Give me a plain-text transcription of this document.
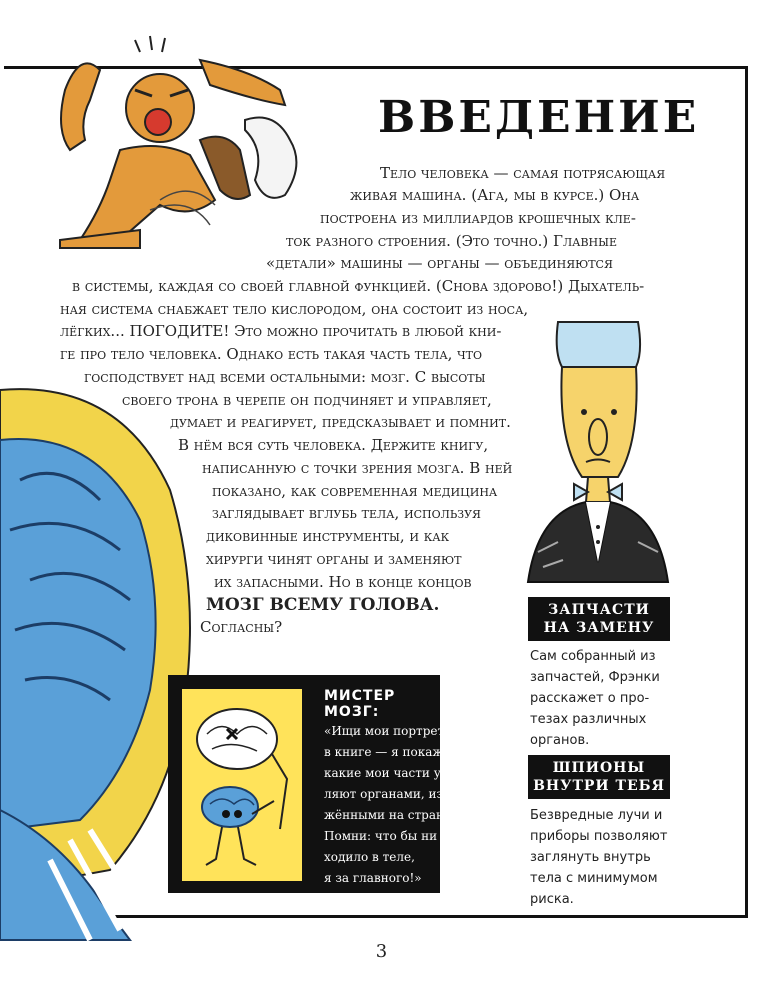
ВВЕДЕНИЕ
Тело человека — самая потрясающая
живая машина. (Ага, мы в курсе.) Она
построена из миллиардов крошечных кле-
ток разного строения. (Это точно.) Главные
«детали» машины — органы — объединяются
в системы, каждая со своей главной функцией. (Снова здорово!) Дыхатель-
ная система снабжает тело кислородом, она состоит из носа,
лёгких... ПОГОДИТЕ! Это можно прочитать в любой кни-
ге про тело человека. Однако есть такая часть тела, что
господствует над всеми остальными: мозг. С высоты
своего трона в черепе он подчиняет и управляет,
думает и реагирует, предсказывает и помнит.
В нём вся суть человека. Держите книгу,
написанную с точки зрения мозга. В ней
показано, как современная медицина
заглядывает вглубь тела, используя
диковинные инструменты, и как
хирурги чинят органы и заменяют
их запасными. Но в конце концов
МОЗГ ВСЕМУ ГОЛОВА.
Согласны?
ЗАПЧАСТИ
НА ЗАМЕНУ
Сам собранный из
запчастей, Фрэнки
расскажет о про-
тезах различных
органов.
ШПИОНЫ
ВНУТРИ ТЕБЯ
Безвредные лучи и
приборы позволяют
заглянуть внутрь
тела с минимумом
риска.
МИСТЕР МОЗГ:
«Ищи мои портреты
в книге — я покажу тебе,
какие мои части управ-
ляют органами, изобра-
жёнными на странице.
Помни: что бы ни проис-
ходило в теле,
я за главного!»
3
